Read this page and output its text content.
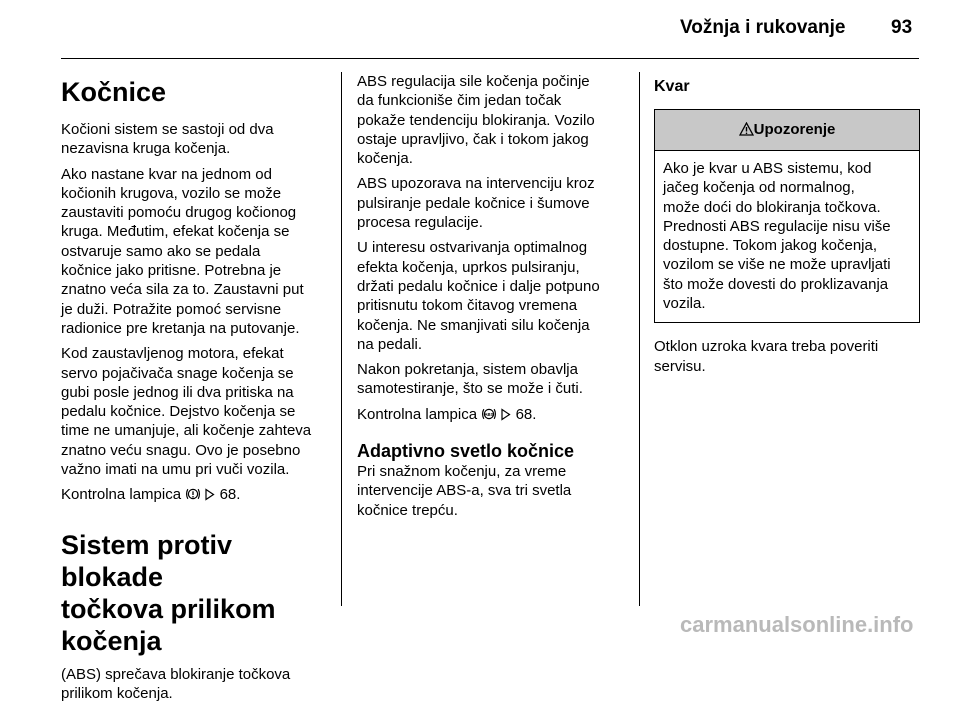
Vožnja i rukovanje 93
Kočnice

Kočioni sistem se sastoji od dva
nezavisna kruga kočenja.

Ako nastane kvar na jednom od
kočionih krugova, vozilo se može
zaustaviti pomoću drugog kočionog
kruga. Međutim, efekat kočenja se
ostvaruje samo ako se pedala
kočnice jako pritisne. Potrebna je
znatno veća sila za to. Zaustavni put
je duži. Potražite pomoć servisne
radionice pre kretanja na putovanje.

Kod zaustavljenog motora, efekat
servo pojačivača snage kočenja se
gubi posle jednog ili dva pritiska na
pedalu kočnice. Dejstvo kočenja se
time ne umanjuje, ali kočenje zahteva
znatno veću snagu. Ovo je posebno
važno imati na umu pri vuči vozila.

Kontrolna lampica	68.

Sistem protiv blokade
točkova prilikom kočenja

(ABS) sprečava blokiranje točkova
prilikom kočenja.

ABS regulacija sile kočenja počinje
da funkcioniše čim jedan točak
pokaže tendenciju blokiranja. Vozilo
ostaje upravljivo, čak i tokom jakog
kočenja.

ABS upozorava na intervenciju kroz
pulsiranje pedale kočnice i šumove
procesa regulacije.

U interesu ostvarivanja optimalnog
efekta kočenja, uprkos pulsiranju,
držati pedalu kočnice i dalje potpuno
pritisnutu tokom čitavog vremena
kočenja. Ne smanjivati silu kočenja
na pedali.

Nakon pokretanja, sistem obavlja
samotestiranje, što se može i čuti.

Kontrolna lampica ABS 68.

Adaptivno svetlo kočnice

Pri snažnom kočenju, za vreme
intervencije ABS-a, sva tri svetla
kočnice trepću.

Kvar
Upozorenje
Ako je kvar u ABS sistemu, kod
jačeg kočenja od normalnog,
može doći do blokiranja točkova.
Prednosti ABS regulacije nisu više
dostupne. Tokom jakog kočenja,
vozilom se više ne može upravljati
što može dovesti do proklizavanja
vozila.

Otklon uzroka kvara treba poveriti
servisu.

carmanualsonline.info
